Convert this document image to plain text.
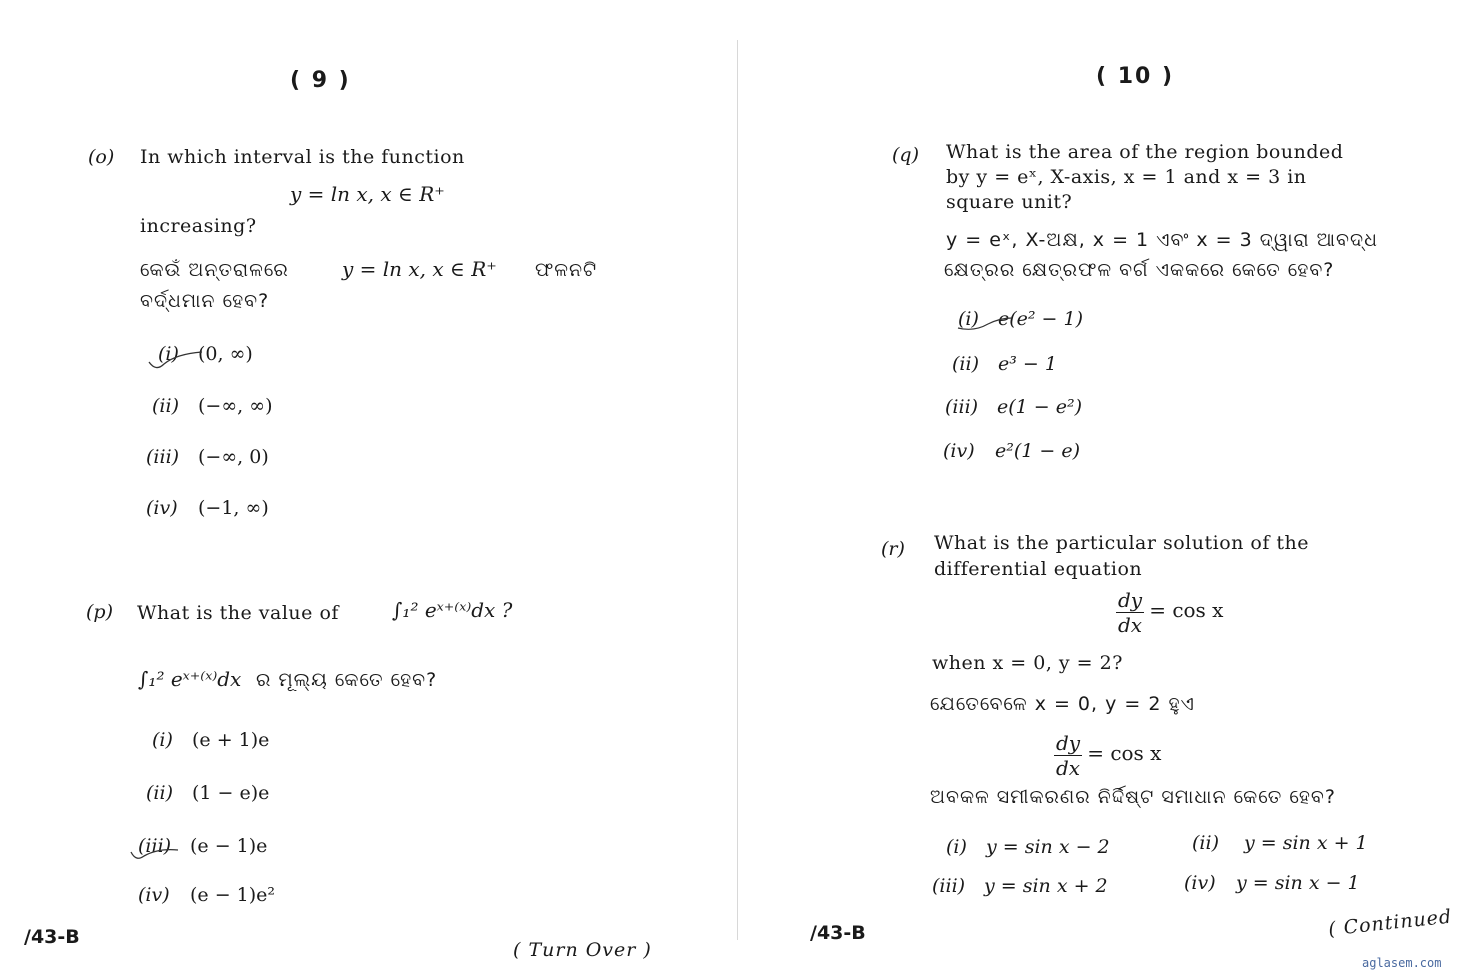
( 9 )
(o) In which interval is the function
y = ln x, x ∈ R⁺
increasing?
କେଉଁ ଅନ୍ତରାଳରେ	y = ln x, x ∈ R⁺ ଫଳନଟି
ବର୍ଦ୍ଧମାନ ହେବ?
(i) (0, ∞)
(ii) (−∞, ∞)
(iii) (−∞, 0)
(iv) (−1, ∞)
(p) What is the value of	∫₁² eˣ⁺⁽ˣ⁾dx ?
∫₁² eˣ⁺⁽ˣ⁾dx ର ମୂଲ୍ୟ କେତେ ହେବ?
(i) (e + 1)e
(ii) (1 − e)e
(iii) (e − 1)e
(iv) (e − 1)e²
/43-B
( Turn Over )
( 10 )
(q) What is the area of the region bounded
by y = eˣ, X-axis, x = 1 and x = 3 in
square unit?
y = eˣ, X-ଅକ୍ଷ, x = 1 ଏବଂ x = 3 ଦ୍ୱାରା ଆବଦ୍ଧ
କ୍ଷେତ୍ରର କ୍ଷେତ୍ରଫଳ ବର୍ଗ ଏକକରେ କେତେ ହେବ?
(i) e(e² − 1)
(ii) e³ − 1
(iii) e(1 − e²)
(iv) e²(1 − e)
(r) What is the particular solution of the
differential equation
$\frac{dy}{dx} = \cos x$
when x = 0, y = 2?
ଯେତେବେଳେ x = 0, y = 2 ହୁଏ
$\frac{dy}{dx} = \cos x$
ଅବକଳ ସମୀକରଣର ନିର୍ଦ୍ଦିଷ୍ଟ ସମାଧାନ କେତେ ହେବ?
(i) y = sin x − 2	(ii) y = sin x + 1
(iii) y = sin x + 2	(iv) y = sin x − 1
/43-B	( Continued
aglasem.com
